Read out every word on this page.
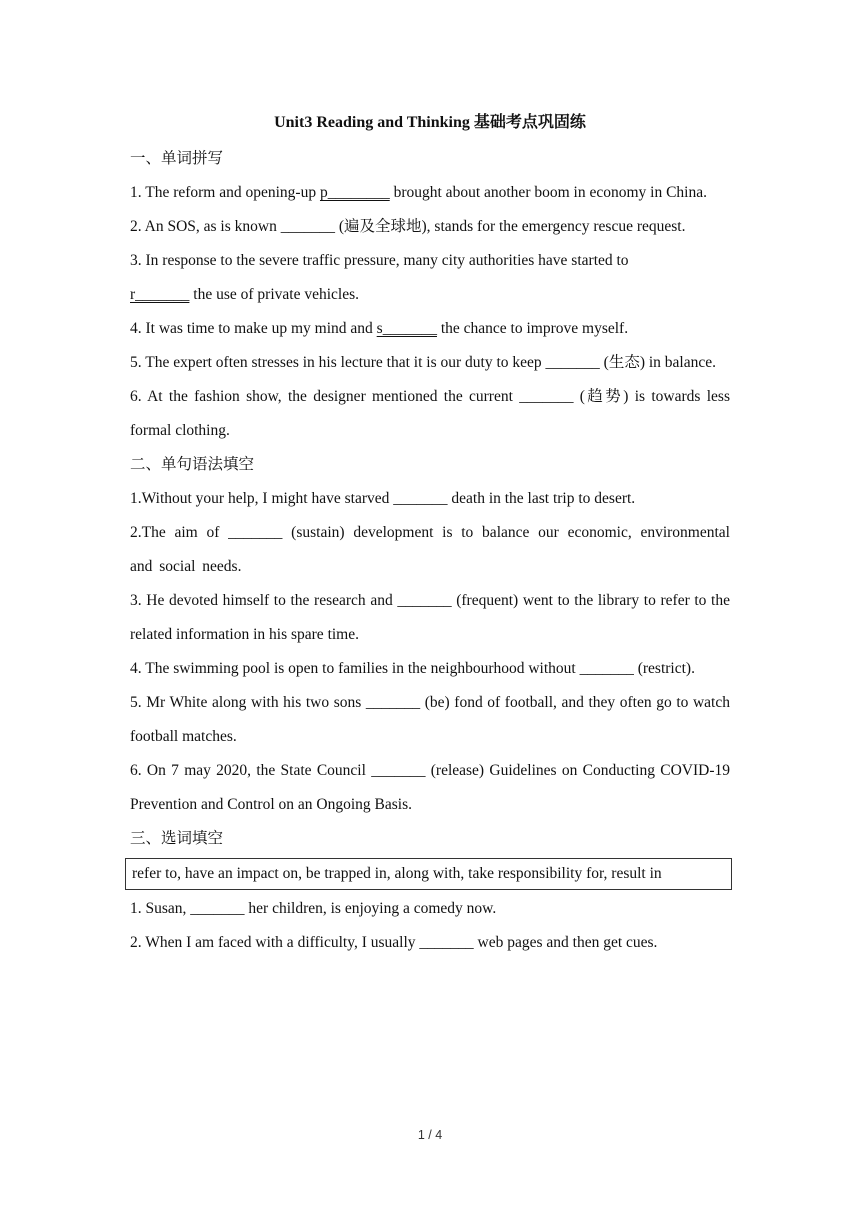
Unit3 Reading and Thinking 基础考点巩固练
一、单词拼写
1. The reform and opening-up p________ brought about another boom in economy in China.
2. An SOS, as is known _______ (遍及全球地), stands for the emergency rescue request.
3. In response to the severe traffic pressure, many city authorities have started to
r_______ the use of private vehicles.
4. It was time to make up my mind and s_______ the chance to improve myself.
5. The expert often stresses in his lecture that it is our duty to keep _______ (生态) in balance.
6. At the fashion show, the designer mentioned the current _______ (趋势) is towards less formal clothing.
二、单句语法填空
1.Without your help, I might have starved _______ death in the last trip to desert.
2.The aim of _______ (sustain) development is to balance our economic, environmental and social needs.
3. He devoted himself to the research and _______ (frequent) went to the library to refer to the related information in his spare time.
4. The swimming pool is open to families in the neighbourhood without _______ (restrict).
5. Mr White along with his two sons _______ (be) fond of football, and they often go to watch football matches.
6. On 7 may 2020, the State Council _______ (release) Guidelines on Conducting COVID-19 Prevention and Control on an Ongoing Basis.
三、选词填空
refer to, have an impact on, be trapped in, along with, take responsibility for, result in
1. Susan, _______ her children, is enjoying a comedy now.
2. When I am faced with a difficulty, I usually _______ web pages and then get cues.
1 / 4
